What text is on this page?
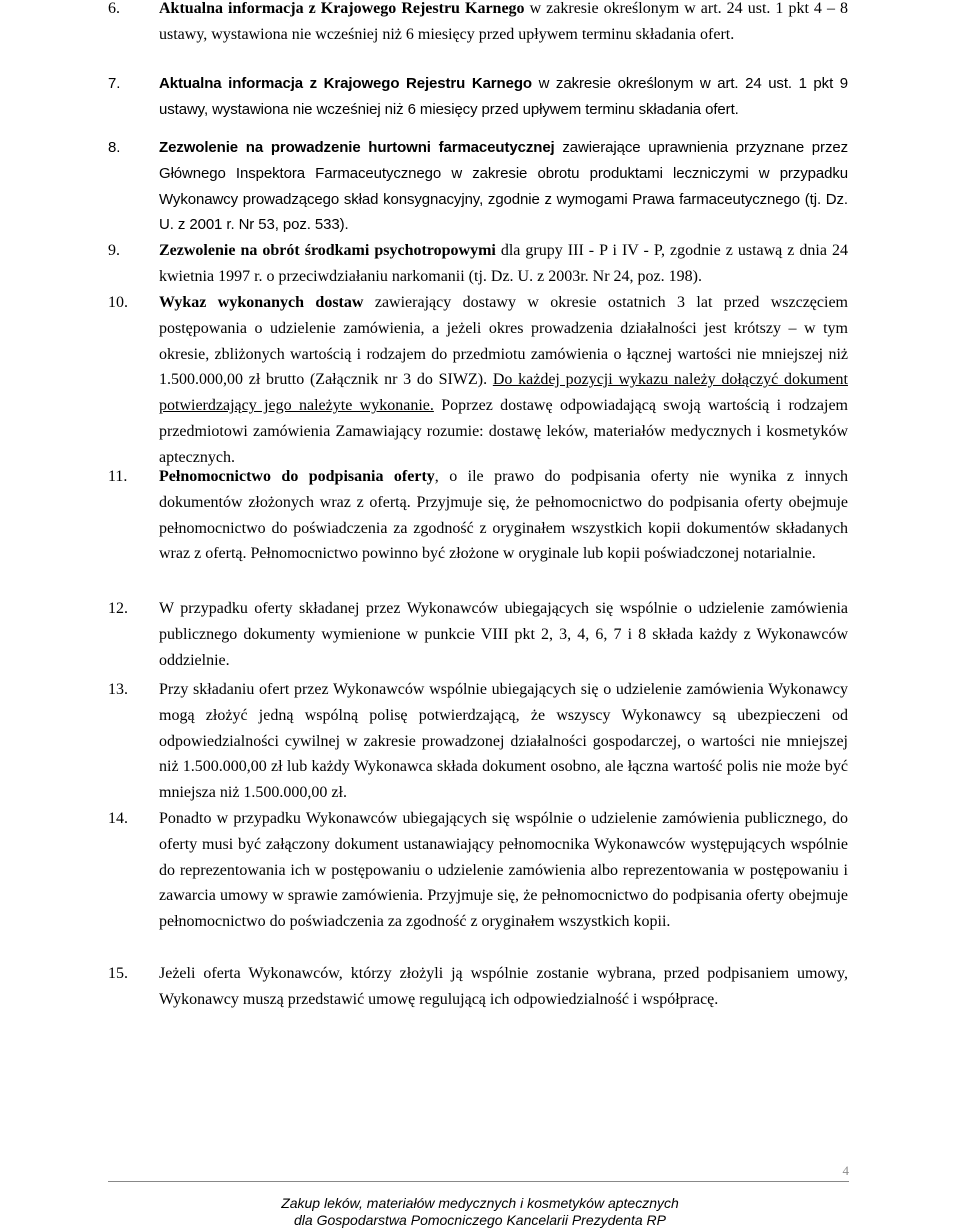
6. Aktualna informacja z Krajowego Rejestru Karnego w zakresie określonym w art. 24 ust. 1 pkt 4 – 8 ustawy, wystawiona nie wcześniej niż 6 miesięcy przed upływem terminu składania ofert.
7.	Aktualna informacja z Krajowego Rejestru Karnego w zakresie określonym w art. 24 ust. 1 pkt 9 ustawy, wystawiona nie wcześniej niż 6 miesięcy przed upływem terminu składania ofert.
8.	Zezwolenie na prowadzenie hurtowni farmaceutycznej zawierające uprawnienia przyznane przez Głównego Inspektora Farmaceutycznego w zakresie obrotu produktami leczniczymi w przypadku Wykonawcy prowadzącego skład konsygnacyjny, zgodnie z wymogami Prawa farmaceutycznego (tj. Dz. U. z 2001 r. Nr 53, poz. 533).
9. Zezwolenie na obrót środkami psychotropowymi dla grupy III - P i IV - P, zgodnie z ustawą z dnia 24 kwietnia 1997 r. o przeciwdziałaniu narkomanii (tj. Dz. U. z 2003r. Nr 24, poz. 198).
10. Wykaz wykonanych dostaw zawierający dostawy w okresie ostatnich 3 lat przed wszczęciem postępowania o udzielenie zamówienia, a jeżeli okres prowadzenia działalności jest krótszy – w tym okresie, zbliżonych wartością i rodzajem do przedmiotu zamówienia o łącznej wartości nie mniejszej niż 1.500.000,00 zł brutto (Załącznik nr 3 do SIWZ). Do każdej pozycji wykazu należy dołączyć dokument potwierdzający jego należyte wykonanie. Poprzez dostawę odpowiadającą swoją wartością i rodzajem przedmiotowi zamówienia Zamawiający rozumie: dostawę leków, materiałów medycznych i kosmetyków aptecznych.
11. Pełnomocnictwo do podpisania oferty, o ile prawo do podpisania oferty nie wynika z innych dokumentów złożonych wraz z ofertą. Przyjmuje się, że pełnomocnictwo do podpisania oferty obejmuje pełnomocnictwo do poświadczenia za zgodność z oryginałem wszystkich kopii dokumentów składanych wraz z ofertą. Pełnomocnictwo powinno być złożone w oryginale lub kopii poświadczonej notarialnie.
12. W przypadku oferty składanej przez Wykonawców ubiegających się wspólnie o udzielenie zamówienia publicznego dokumenty wymienione w punkcie VIII pkt 2, 3, 4, 6, 7 i 8 składa każdy z Wykonawców oddzielnie.
13. Przy składaniu ofert przez Wykonawców wspólnie ubiegających się o udzielenie zamówienia Wykonawcy mogą złożyć jedną wspólną polisę potwierdzającą, że wszyscy Wykonawcy są ubezpieczeni od odpowiedzialności cywilnej w zakresie prowadzonej działalności gospodarczej, o wartości nie mniejszej niż 1.500.000,00 zł lub każdy Wykonawca składa dokument osobno, ale łączna wartość polis nie może być mniejsza niż 1.500.000,00 zł.
14. Ponadto w przypadku Wykonawców ubiegających się wspólnie o udzielenie zamówienia publicznego, do oferty musi być załączony dokument ustanawiający pełnomocnika Wykonawców występujących wspólnie do reprezentowania ich w postępowaniu o udzielenie zamówienia albo reprezentowania w postępowaniu i zawarcia umowy w sprawie zamówienia. Przyjmuje się, że pełnomocnictwo do podpisania oferty obejmuje pełnomocnictwo do poświadczenia za zgodność z oryginałem wszystkich kopii.
15. Jeżeli oferta Wykonawców, którzy złożyli ją wspólnie zostanie wybrana, przed podpisaniem umowy, Wykonawcy muszą przedstawić umowę regulującą ich odpowiedzialność i współpracę.
4
Zakup leków, materiałów medycznych i kosmetyków aptecznych
dla Gospodarstwa Pomocniczego Kancelarii Prezydenta RP
